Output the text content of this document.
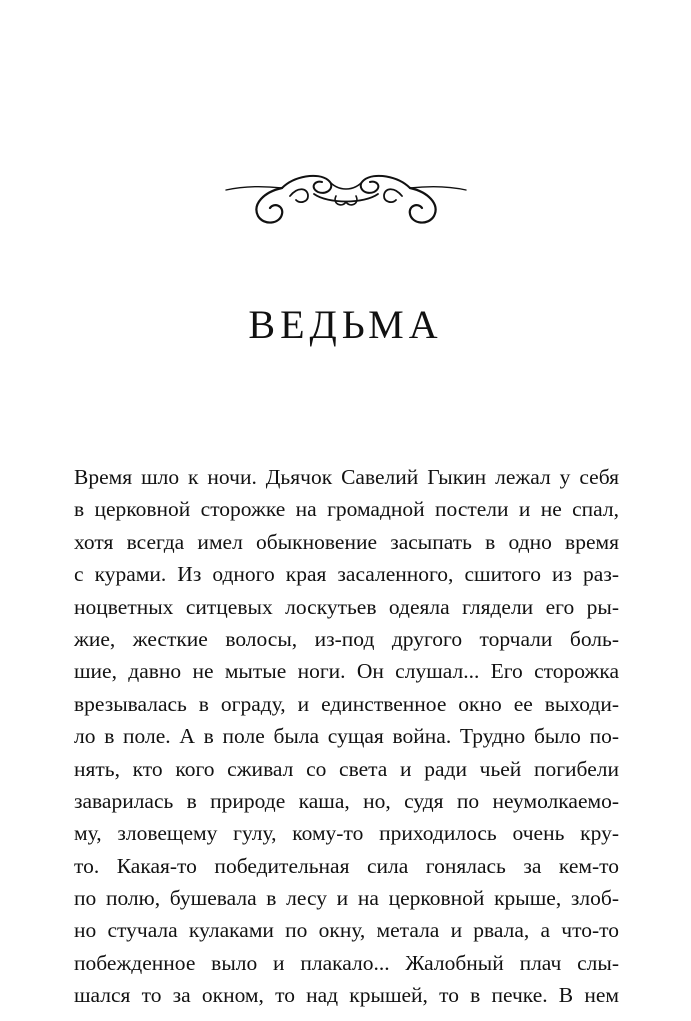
ВЕДЬМА
Время шло к ночи. Дьячок Савелий Гыкин лежал у себя
в церковной сторожке на громадной постели и не спал,
хотя всегда имел обыкновение засыпать в одно время
с курами. Из одного края засаленного, сшитого из раз-
ноцветных ситцевых лоскутьев одеяла глядели его ры-
жие, жесткие волосы, из-под другого торчали боль-
шие, давно не мытые ноги. Он слушал... Его сторожка
врезывалась в ограду, и единственное окно ее выходи-
ло в поле. А в поле была сущая война. Трудно было по-
нять, кто кого сживал со света и ради чьей погибели
заварилась в природе каша, но, судя по неумолкаемо-
му, зловещему гулу, кому-то приходилось очень кру-
то. Какая-то победительная сила гонялась за кем-то
по полю, бушевала в лесу и на церковной крыше, злоб-
но стучала кулаками по окну, метала и рвала, а что-то
побежденное выло и плакало... Жалобный плач слы-
шался то за окном, то над крышей, то в печке. В нем
